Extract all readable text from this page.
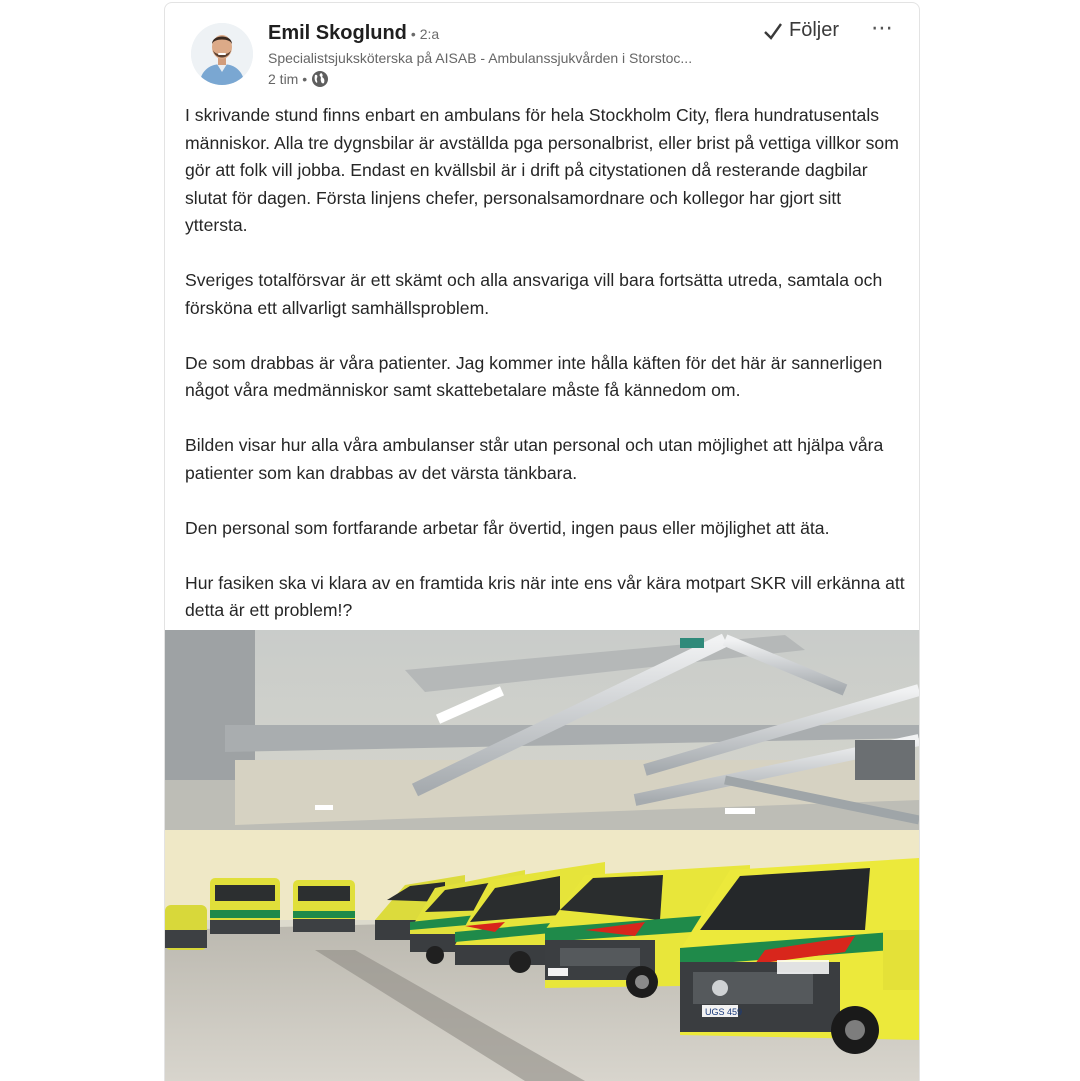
Emil Skoglund • 2:a
Specialistsjuksköterska på AISAB - Ambulanssjukvården i Storstoc...
2 tim •
Följer ⋯

I skrivande stund finns enbart en ambulans för hela Stockholm City, flera hundratusentals människor. Alla tre dygnsbilar är avställda pga personalbrist, eller brist på vettiga villkor som gör att folk vill jobba. Endast en kvällsbil är i drift på citystationen då resterande dagbilar slutat för dagen. Första linjens chefer, personalsamordnare och kollegor har gjort sitt yttersta.

Sveriges totalförsvar är ett skämt och alla ansvariga vill bara fortsätta utreda, samtala och försköna ett allvarligt samhällsproblem.

De som drabbas är våra patienter. Jag kommer inte hålla käften för det här är sannerligen något våra medmänniskor samt skattebetalare måste få kännedom om.

Bilden visar hur alla våra ambulanser står utan personal och utan möjlighet att hjälpa våra patienter som kan drabbas av det värsta tänkbara.

Den personal som fortfarande arbetar får övertid, ingen paus eller möjlighet att äta.

Hur fasiken ska vi klara av en framtida kris när inte ens vår kära motpart SKR vill erkänna att detta är ett problem!?

UGS 459
